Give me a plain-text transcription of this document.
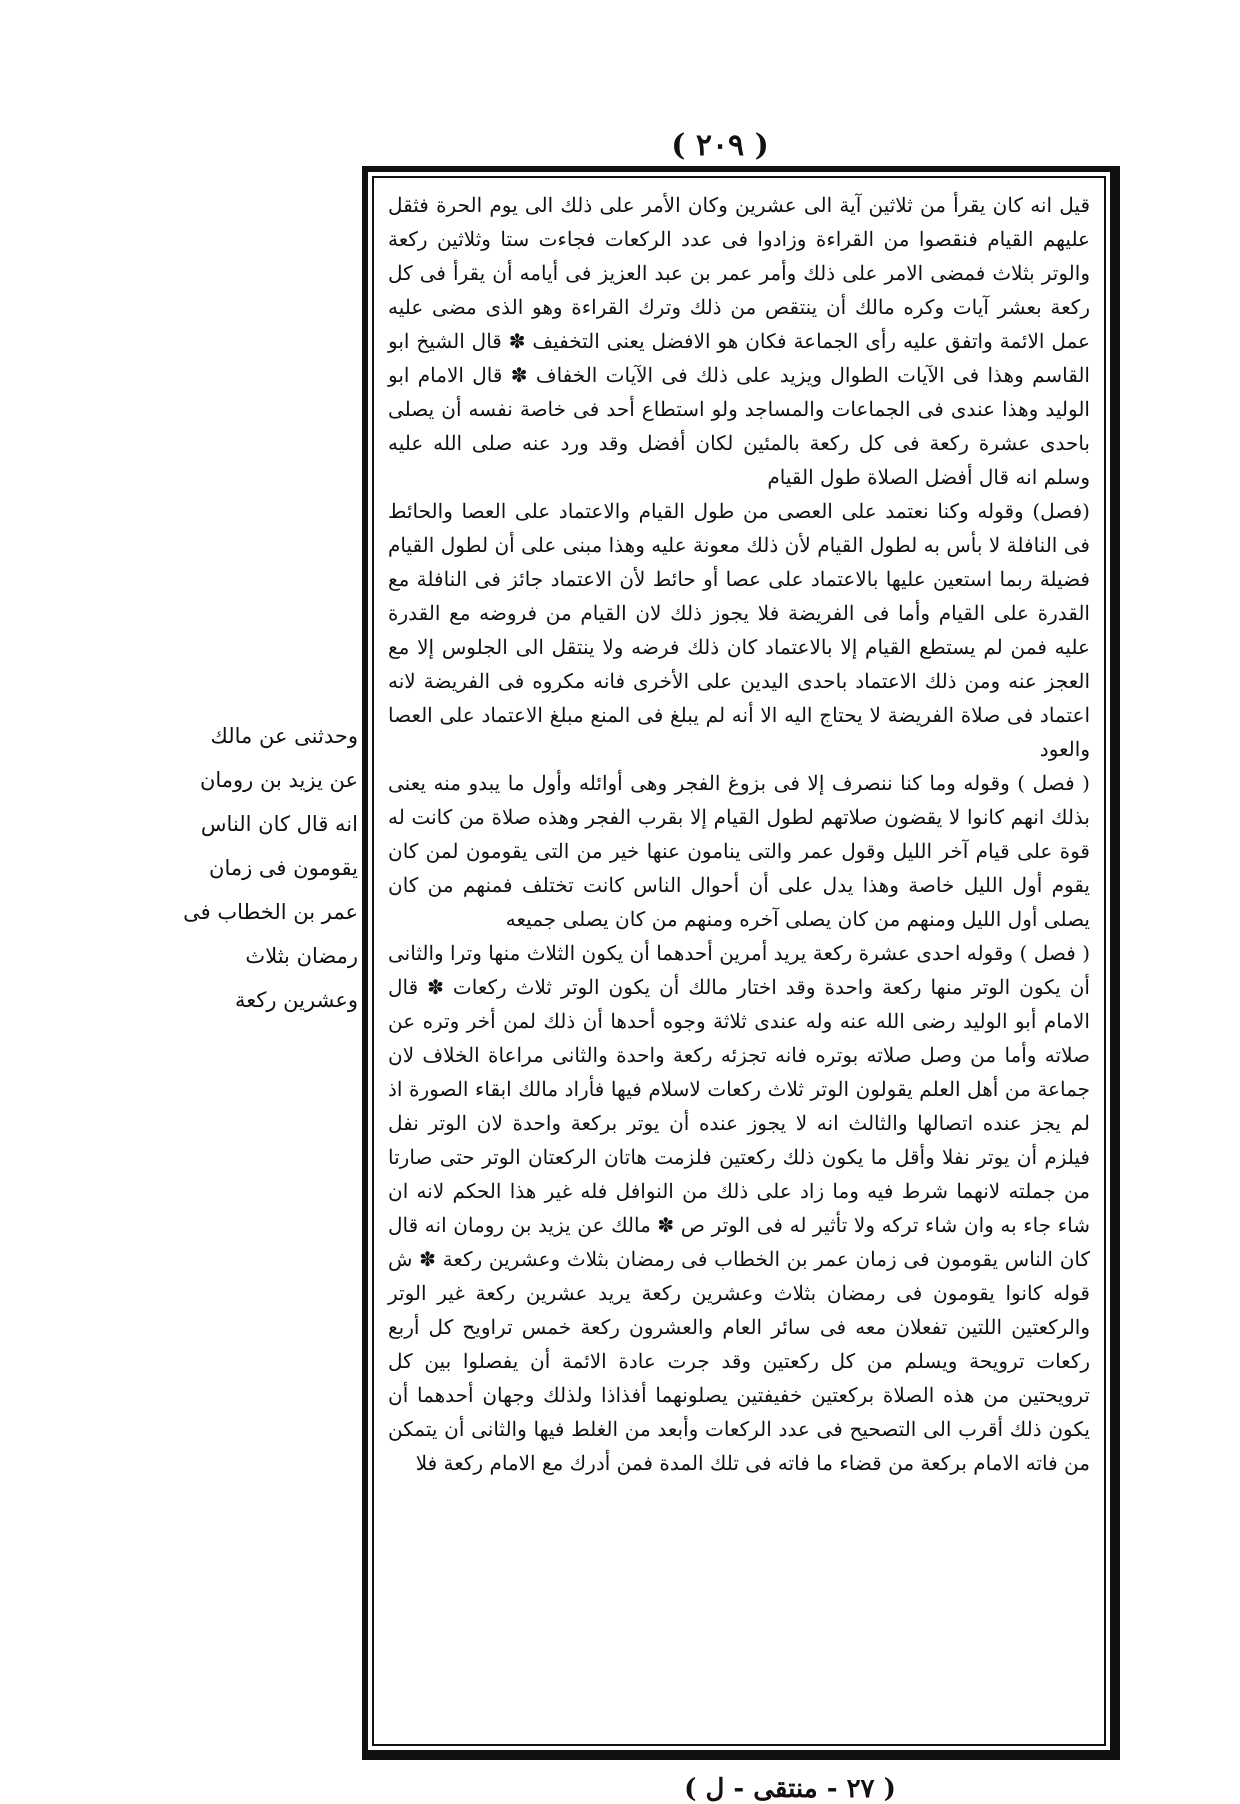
( ٢٠٩ )

قيل انه كان يقرأ من ثلاثين آية الى عشرين وكان الأمر على ذلك الى يوم الحرة فثقل عليهم القيام فنقصوا من القراءة وزادوا فى عدد الركعات فجاءت ستا وثلاثين ركعة والوتر بثلاث فمضى الامر على ذلك وأمر عمر بن عبد العزيز فى أيامه أن يقرأ فى كل ركعة بعشر آيات وكره مالك أن ينتقص من ذلك وترك القراءة وهو الذى مضى عليه عمل الائمة واتفق عليه رأى الجماعة فكان هو الافضل يعنى التخفيف ✽ قال الشيخ ابو القاسم وهذا فى الآيات الطوال ويزيد على ذلك فى الآيات الخفاف ✽ قال الامام ابو الوليد وهذا عندى فى الجماعات والمساجد ولو استطاع أحد فى خاصة نفسه أن يصلى باحدى عشرة ركعة فى كل ركعة بالمئين لكان أفضل وقد ورد عنه صلى الله عليه وسلم انه قال أفضل الصلاة طول القيام

(فصل) وقوله وكنا نعتمد على العصى من طول القيام والاعتماد على العصا والحائط فى النافلة لا بأس به لطول القيام لأن ذلك معونة عليه وهذا مبنى على أن لطول القيام فضيلة ربما استعين عليها بالاعتماد على عصا أو حائط لأن الاعتماد جائز فى النافلة مع القدرة على القيام وأما فى الفريضة فلا يجوز ذلك لان القيام من فروضه مع القدرة عليه فمن لم يستطع القيام إلا بالاعتماد كان ذلك فرضه ولا ينتقل الى الجلوس إلا مع العجز عنه ومن ذلك الاعتماد باحدى اليدين على الأخرى فانه مكروه فى الفريضة لانه اعتماد فى صلاة الفريضة لا يحتاج اليه الا أنه لم يبلغ فى المنع مبلغ الاعتماد على العصا والعود

( فصل ) وقوله وما كنا ننصرف إلا فى بزوغ الفجر وهى أوائله وأول ما يبدو منه يعنى بذلك انهم كانوا لا يقضون صلاتهم لطول القيام إلا بقرب الفجر وهذه صلاة من كانت له قوة على قيام آخر الليل وقول عمر والتى ينامون عنها خير من التى يقومون لمن كان يقوم أول الليل خاصة وهذا يدل على أن أحوال الناس كانت تختلف فمنهم من كان يصلى أول الليل ومنهم من كان يصلى آخره ومنهم من كان يصلى جميعه

( فصل ) وقوله احدى عشرة ركعة يريد أمرين أحدهما أن يكون الثلاث منها وترا والثانى أن يكون الوتر منها ركعة واحدة وقد اختار مالك أن يكون الوتر ثلاث ركعات ✽ قال الامام أبو الوليد رضى الله عنه وله عندى ثلاثة وجوه أحدها أن ذلك لمن أخر وتره عن صلاته وأما من وصل صلاته بوتره فانه تجزئه ركعة واحدة والثانى مراعاة الخلاف لان جماعة من أهل العلم يقولون الوتر ثلاث ركعات لاسلام فيها فأراد مالك ابقاء الصورة اذ لم يجز عنده اتصالها والثالث انه لا يجوز عنده أن يوتر بركعة واحدة لان الوتر نفل فيلزم أن يوتر نفلا وأقل ما يكون ذلك ركعتين فلزمت هاتان الركعتان الوتر حتى صارتا من جملته لانهما شرط فيه وما زاد على ذلك من النوافل فله غير هذا الحكم لانه ان شاء جاء به وان شاء تركه ولا تأثير له فى الوتر ص ✽ مالك عن يزيد بن رومان انه قال كان الناس يقومون فى زمان عمر بن الخطاب فى رمضان بثلاث وعشرين ركعة ✽ ش قوله كانوا يقومون فى رمضان بثلاث وعشرين ركعة يريد عشرين ركعة غير الوتر والركعتين اللتين تفعلان معه فى سائر العام والعشرون ركعة خمس تراويح كل أربع ركعات ترويحة ويسلم من كل ركعتين وقد جرت عادة الائمة أن يفصلوا بين كل ترويحتين من هذه الصلاة بركعتين خفيفتين يصلونهما أفذاذا ولذلك وجهان أحدهما أن يكون ذلك أقرب الى التصحيح فى عدد الركعات وأبعد من الغلط فيها والثانى أن يتمكن من فاته الامام بركعة من قضاء ما فاته فى تلك المدة فمن أدرك مع الامام ركعة فلا

وحدثنى عن مالك عن يزيد بن رومان انه قال كان الناس يقومون فى زمان عمر بن الخطاب فى رمضان بثلاث وعشرين ركعة
( ٢٧ - منتقى - ل )
